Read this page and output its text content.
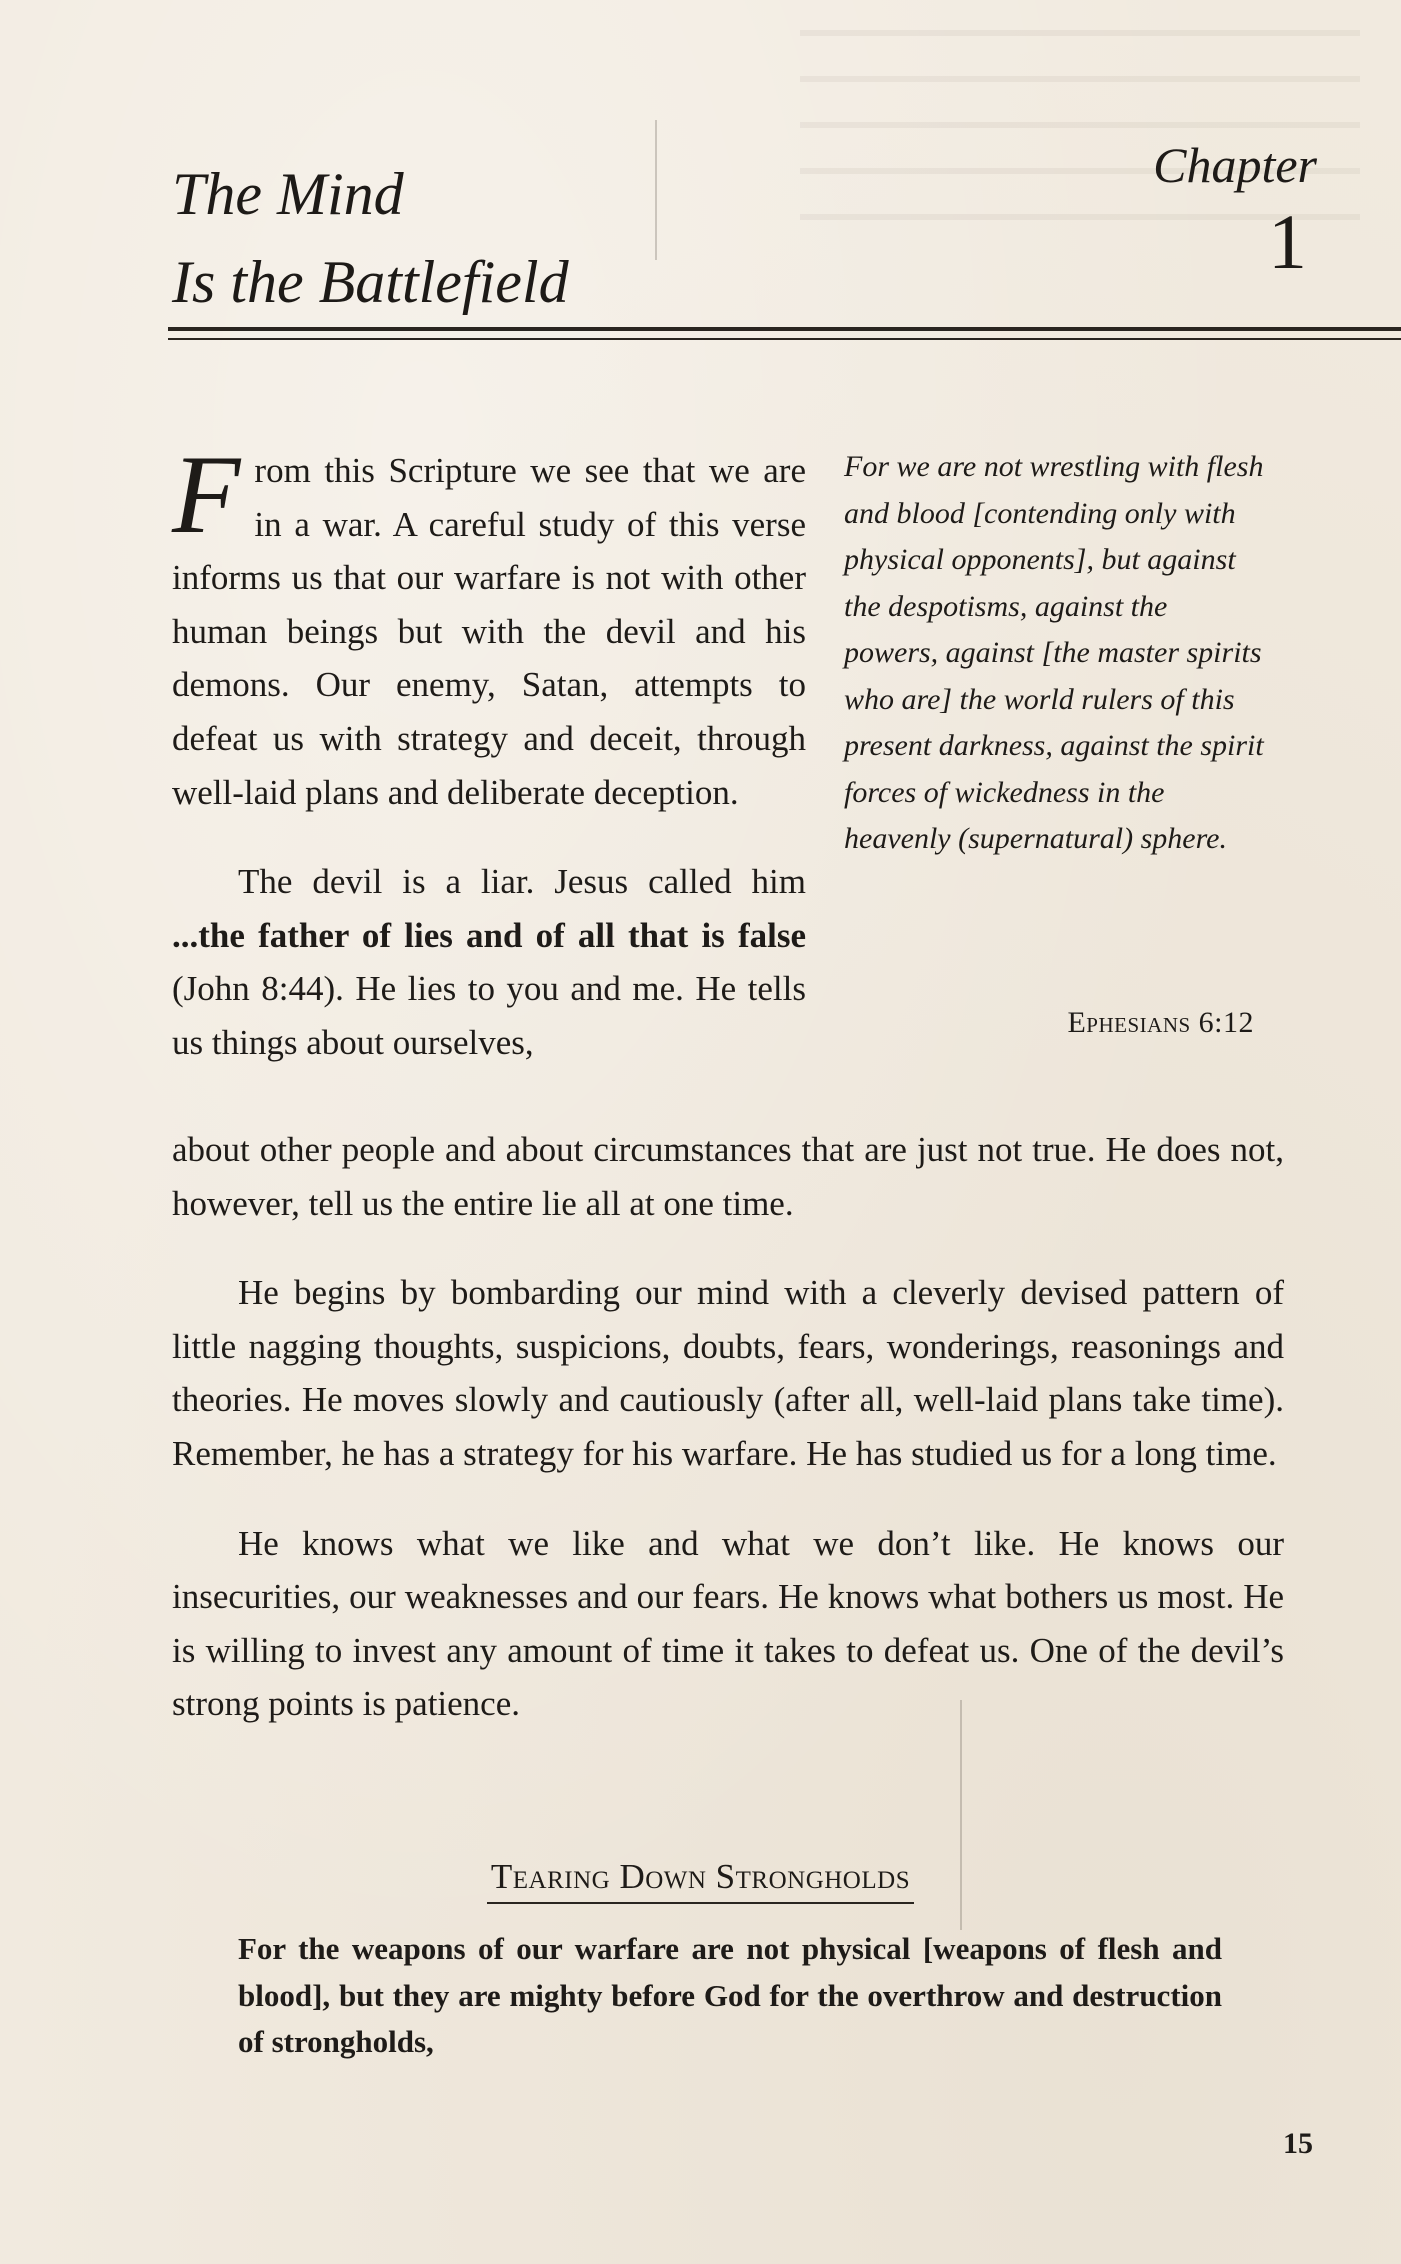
The Mind
Is the Battlefield
Chapter
1

From this Scripture we see that we are in a war. A careful study of this verse informs us that our warfare is not with other human beings but with the devil and his demons. Our enemy, Satan, attempts to defeat us with strategy and deceit, through well-laid plans and deliberate deception.

The devil is a liar. Jesus called him ...the father of lies and of all that is false (John 8:44). He lies to you and me. He tells us things about ourselves,

For we are not wrestling with flesh and blood [contending only with physical opponents], but against the despotisms, against the powers, against [the master spirits who are] the world rulers of this present darkness, against the spirit forces of wickedness in the heavenly (supernatural) sphere.
Ephesians 6:12

about other people and about circumstances that are just not true. He does not, however, tell us the entire lie all at one time.

He begins by bombarding our mind with a cleverly devised pattern of little nagging thoughts, suspicions, doubts, fears, wonderings, reasonings and theories. He moves slowly and cautiously (after all, well-laid plans take time). Remember, he has a strategy for his warfare. He has studied us for a long time.

He knows what we like and what we don’t like. He knows our insecurities, our weaknesses and our fears. He knows what bothers us most. He is willing to invest any amount of time it takes to defeat us. One of the devil’s strong points is patience.

Tearing Down Strongholds
For the weapons of our warfare are not physical [weapons of flesh and blood], but they are mighty before God for the overthrow and destruction of strongholds,
15
